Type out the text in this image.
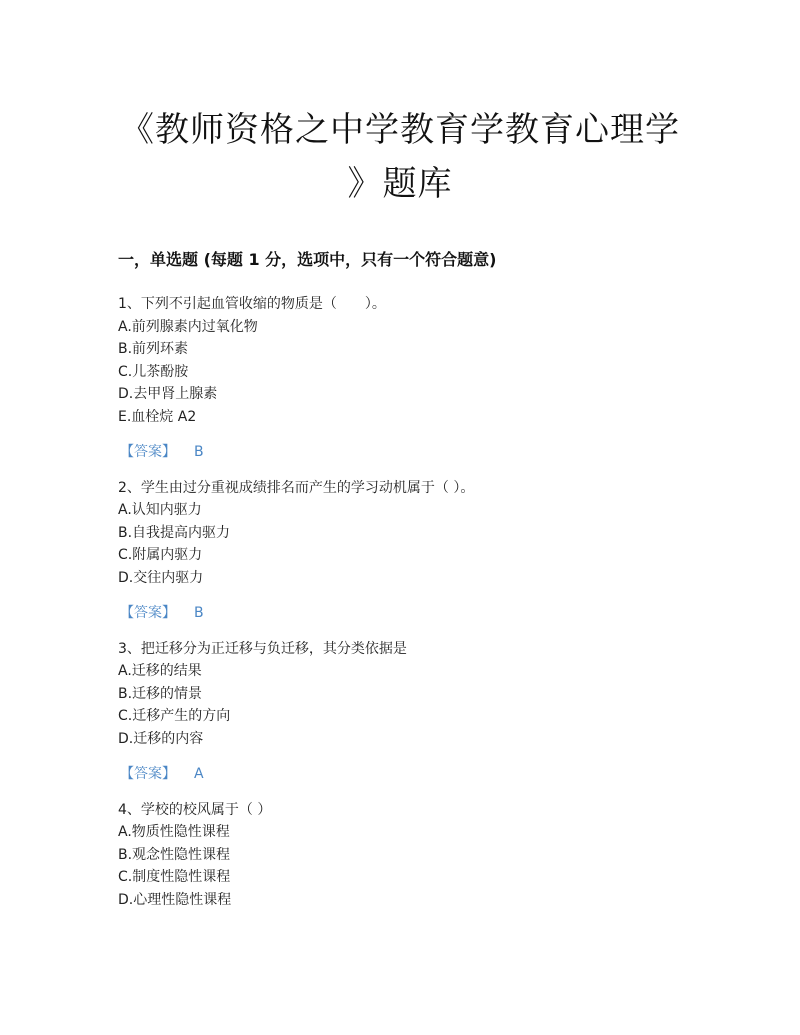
《教师资格之中学教育学教育心理学
》题库
一，单选题 (每题 1 分，选项中，只有一个符合题意)
1、下列不引起血管收缩的物质是（　　）。
A.前列腺素内过氧化物
B.前列环素
C.儿茶酚胺
D.去甲肾上腺素
E.血栓烷 A2
【答案】 B
2、学生由过分重视成绩排名而产生的学习动机属于（ ）。
A.认知内驱力
B.自我提高内驱力
C.附属内驱力
D.交往内驱力
【答案】 B
3、把迁移分为正迁移与负迁移，其分类依据是
A.迁移的结果
B.迁移的情景
C.迁移产生的方向
D.迁移的内容
【答案】 A
4、学校的校风属于（ ）
A.物质性隐性课程
B.观念性隐性课程
C.制度性隐性课程
D.心理性隐性课程
